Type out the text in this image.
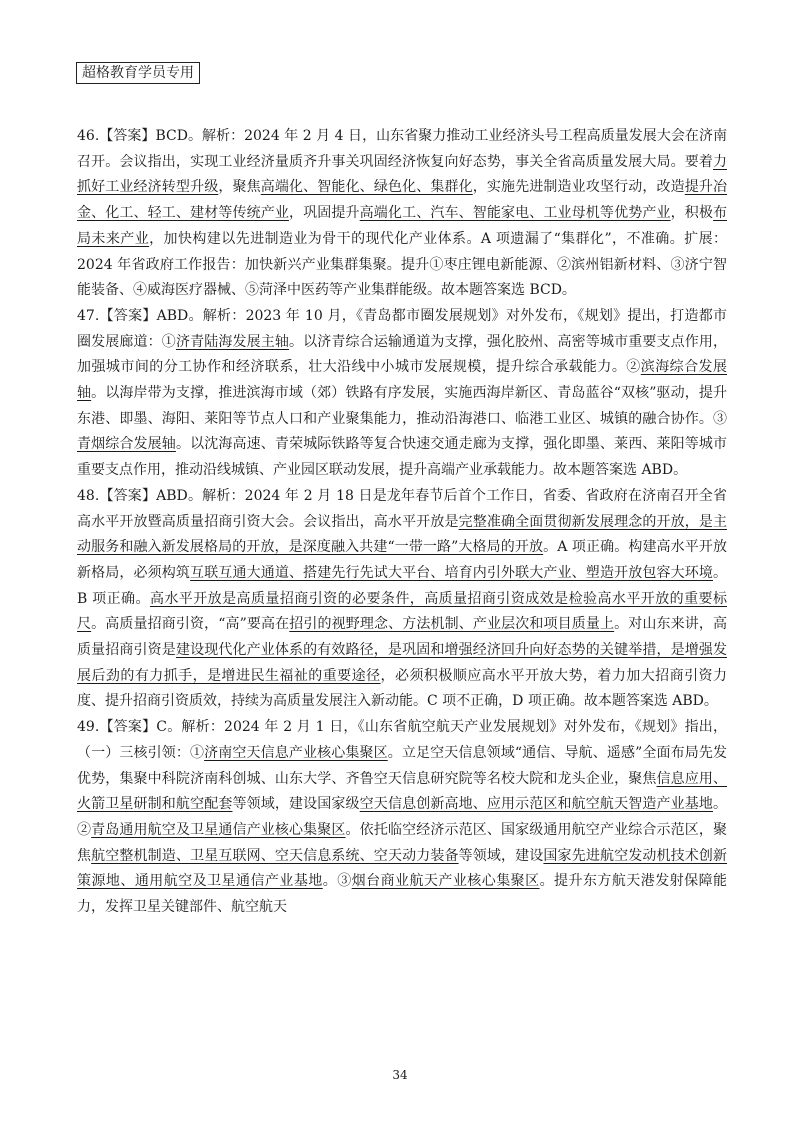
超格教育学员专用

46.【答案】BCD。解析：2024 年 2 月 4 日，山东省聚力推动工业经济头号工程高质量发展大会在济南召开。会议指出，实现工业经济量质齐升事关巩固经济恢复向好态势，事关全省高质量发展大局。要着力抓好工业经济转型升级，聚焦高端化、智能化、绿色化、集群化，实施先进制造业攻坚行动，改造提升冶金、化工、轻工、建材等传统产业，巩固提升高端化工、汽车、智能家电、工业母机等优势产业，积极布局未来产业，加快构建以先进制造业为骨干的现代化产业体系。A 项遗漏了“集群化”，不准确。扩展：2024 年省政府工作报告：加快新兴产业集群集聚。提升①枣庄锂电新能源、②滨州铝新材料、③济宁智能装备、④威海医疗器械、⑤菏泽中医药等产业集群能级。故本题答案选 BCD。

47.【答案】ABD。解析：2023 年 10 月，《青岛都市圈发展规划》对外发布，《规划》提出，打造都市圈发展廊道：①济青陆海发展主轴。以济青综合运输通道为支撑，强化胶州、高密等城市重要支点作用，加强城市间的分工协作和经济联系，壮大沿线中小城市发展规模，提升综合承载能力。②滨海综合发展轴。以海岸带为支撑，推进滨海市域（郊）铁路有序发展，实施西海岸新区、青岛蓝谷“双核”驱动，提升东港、即墨、海阳、莱阳等节点人口和产业聚集能力，推动沿海港口、临港工业区、城镇的融合协作。③青烟综合发展轴。以沈海高速、青荣城际铁路等复合快速交通走廊为支撑，强化即墨、莱西、莱阳等城市重要支点作用，推动沿线城镇、产业园区联动发展，提升高端产业承载能力。故本题答案选 ABD。

48.【答案】ABD。解析：2024 年 2 月 18 日是龙年春节后首个工作日，省委、省政府在济南召开全省高水平开放暨高质量招商引资大会。会议指出，高水平开放是完整准确全面贯彻新发展理念的开放，是主动服务和融入新发展格局的开放，是深度融入共建“一带一路”大格局的开放。A 项正确。构建高水平开放新格局，必须构筑互联互通大通道、搭建先行先试大平台、培育内引外联大产业、塑造开放包容大环境。B 项正确。高水平开放是高质量招商引资的必要条件，高质量招商引资成效是检验高水平开放的重要标尺。高质量招商引资，“高”要高在招引的视野理念、方法机制、产业层次和项目质量上。对山东来讲，高质量招商引资是建设现代化产业体系的有效路径，是巩固和增强经济回升向好态势的关键举措，是增强发展后劲的有力抓手，是增进民生福祉的重要途径，必须积极顺应高水平开放大势，着力加大招商引资力度、提升招商引资质效，持续为高质量发展注入新动能。C 项不正确，D 项正确。故本题答案选 ABD。

49.【答案】C。解析：2024 年 2 月 1 日，《山东省航空航天产业发展规划》对外发布，《规划》指出，（一）三核引领：①济南空天信息产业核心集聚区。立足空天信息领域“通信、导航、遥感”全面布局先发优势，集聚中科院济南科创城、山东大学、齐鲁空天信息研究院等名校大院和龙头企业，聚焦信息应用、火箭卫星研制和航空配套等领域，建设国家级空天信息创新高地、应用示范区和航空航天智造产业基地。②青岛通用航空及卫星通信产业核心集聚区。依托临空经济示范区、国家级通用航空产业综合示范区，聚焦航空整机制造、卫星互联网、空天信息系统、空天动力装备等领域，建设国家先进航空发动机技术创新策源地、通用航空及卫星通信产业基地。③烟台商业航天产业核心集聚区。提升东方航天港发射保障能力，发挥卫星关键部件、航空航天

34
